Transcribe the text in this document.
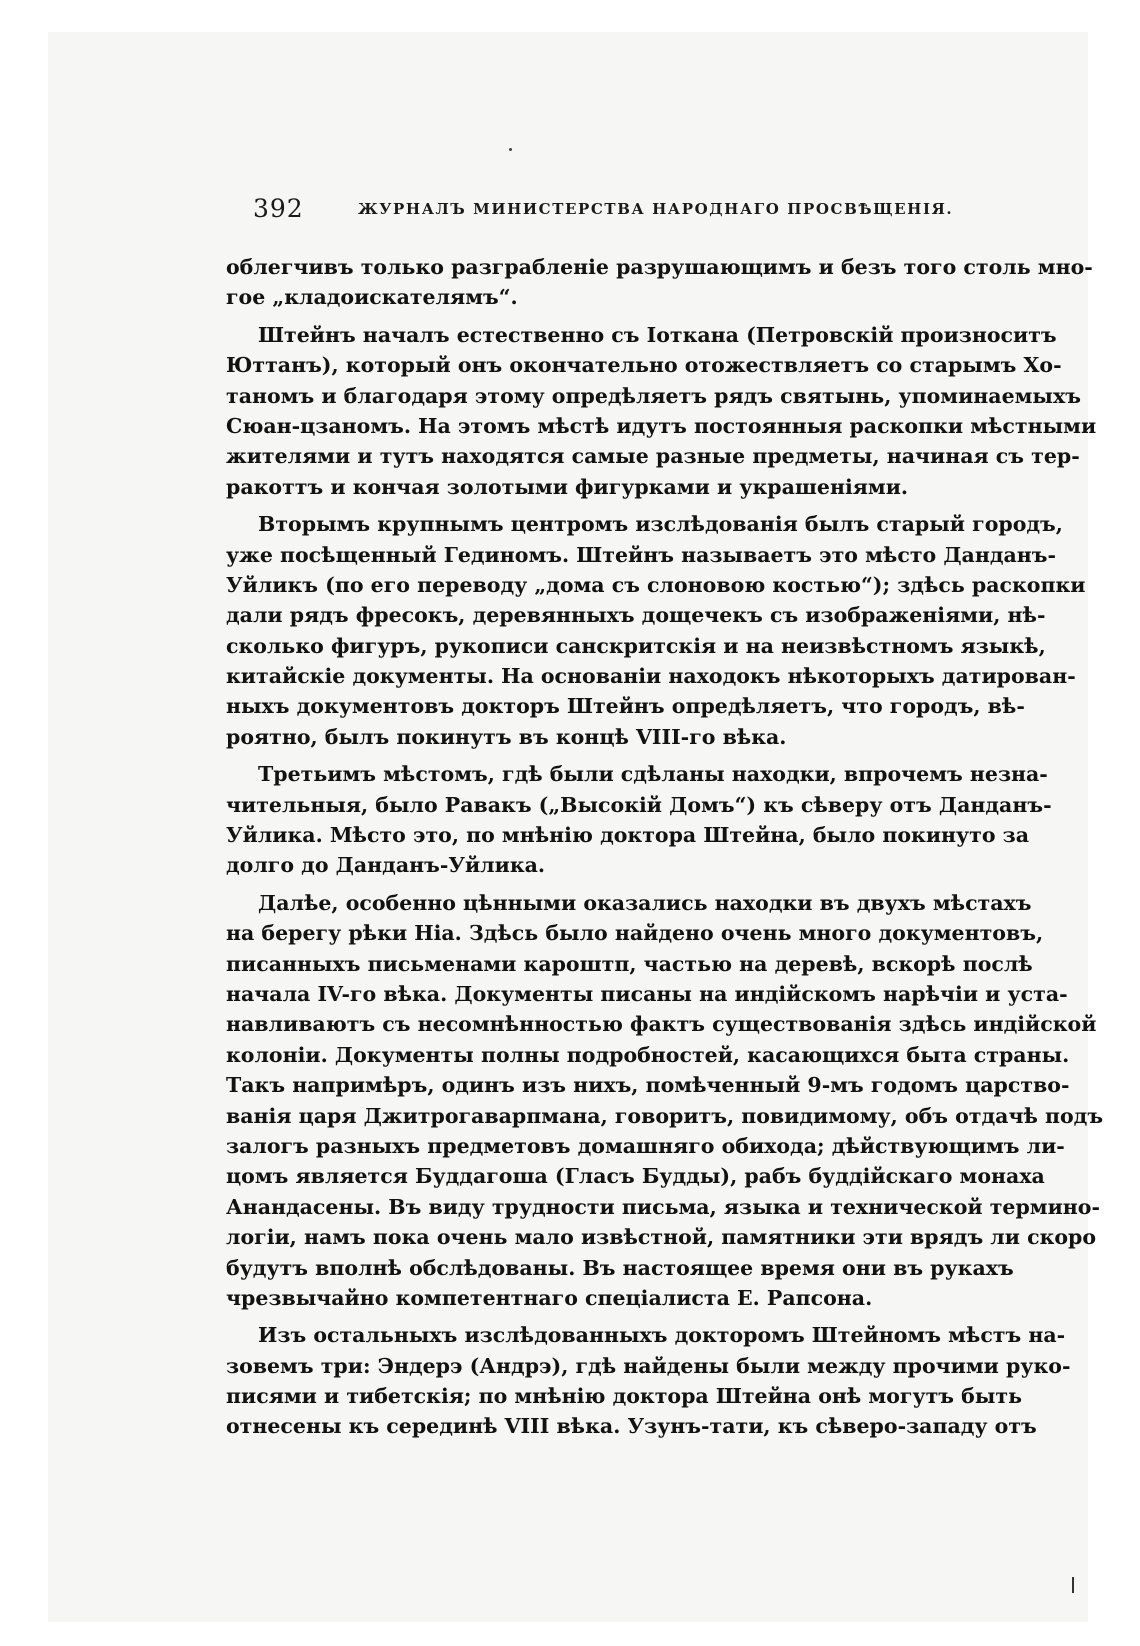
392	ЖУРНАЛЪ МИНИСТЕРСТВА НАРОДНАГО ПРОСВѢЩЕНІЯ.
облегчивъ только разграбленіе разрушающимъ и безъ того столь мно-
гое „кладоискателямъ“.
Штейнъ началъ естественно съ Іоткана (Петровскій произноситъ
Юттанъ), который онъ окончательно отожествляетъ со старымъ Хо-
таномъ и благодаря этому опредѣляетъ рядъ святынь, упоминаемыхъ
Сюан-цзаномъ. На этомъ мѣстѣ идутъ постоянныя раскопки мѣстными
жителями и тутъ находятся самые разные предметы, начиная съ тер-
ракоттъ и кончая золотыми фигурками и украшеніями.
Вторымъ крупнымъ центромъ изслѣдованія былъ старый городъ,
уже посѣщенный Гединомъ. Штейнъ называетъ это мѣсто Данданъ-
Уйликъ (по его переводу „дома съ слоновою костью“); здѣсь раскопки
дали рядъ фресокъ, деревянныхъ дощечекъ съ изображеніями, нѣ-
сколько фигуръ, рукописи санскритскія и на неизвѣстномъ языкѣ,
китайскіе документы. На основаніи находокъ нѣкоторыхъ датирован-
ныхъ документовъ докторъ Штейнъ опредѣляетъ, что городъ, вѣ-
роятно, былъ покинутъ въ концѣ VIII-го вѣка.
Третьимъ мѣстомъ, гдѣ были сдѣланы находки, впрочемъ незна-
чительныя, было Равакъ („Высокій Домъ“) къ сѣверу отъ Данданъ-
Уйлика. Мѣсто это, по мнѣнію доктора Штейна, было покинуто за
долго до Данданъ-Уйлика.
Далѣе, особенно цѣнными оказались находки въ двухъ мѣстахъ
на берегу рѣки Ніа. Здѣсь было найдено очень много документовъ,
писанныхъ письменами кароштп, частью на деревѣ, вскорѣ послѣ
начала IV-го вѣка. Документы писаны на индійскомъ нарѣчіи и уста-
навливаютъ съ несомнѣнностью фактъ существованія здѣсь индійской
колоніи. Документы полны подробностей, касающихся быта страны.
Такъ напримѣръ, одинъ изъ нихъ, помѣченный 9-мъ годомъ царство-
ванія царя Джитрогаварпмана, говоритъ, повидимому, объ отдачѣ подъ
залогъ разныхъ предметовъ домашняго обихода; дѣйствующимъ ли-
цомъ является Буддагоша (Гласъ Будды), рабъ буддійскаго монаха
Анандасены. Въ виду трудности письма, языка и технической термино-
логіи, намъ пока очень мало извѣстной, памятники эти врядъ ли скоро
будутъ вполнѣ обслѣдованы. Въ настоящее время они въ рукахъ
чрезвычайно компетентнаго спеціалиста Е. Рапсона.
Изъ остальныхъ изслѣдованныхъ докторомъ Штейномъ мѣстъ на-
зовемъ три: Эндерэ (Андрэ), гдѣ найдены были между прочими руко-
писями и тибетскія; по мнѣнію доктора Штейна онѣ могутъ быть
отнесены къ серединѣ VIII вѣка. Узунъ-тати, къ сѣверо-западу отъ
